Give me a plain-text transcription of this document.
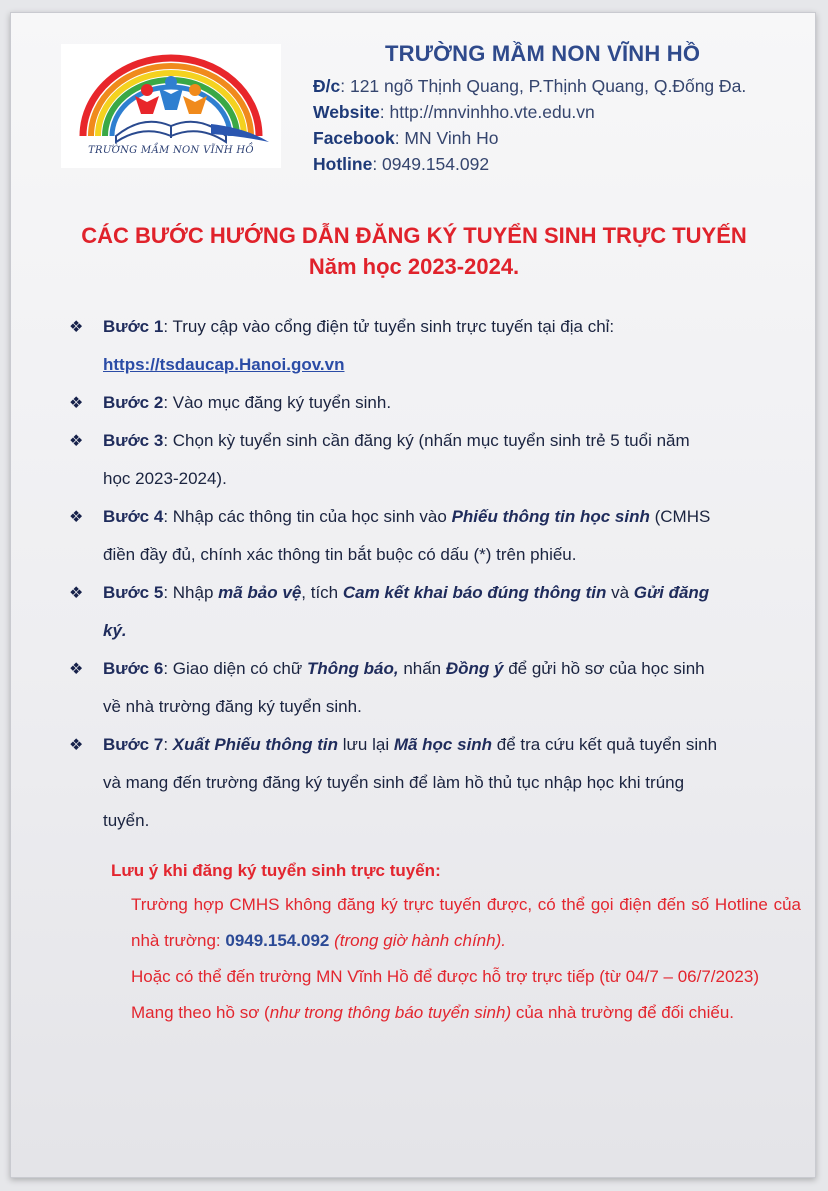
TRƯỜNG MẦM NON VĨNH HỒ
TRƯỜNG MẦM NON VĨNH HỒ
Đ/c: 121 ngõ Thịnh Quang, P.Thịnh Quang, Q.Đống Đa.
Website: http://mnvinhho.vte.edu.vn
Facebook: MN Vinh Ho
Hotline: 0949.154.092
CÁC BƯỚC HƯỚNG DẪN ĐĂNG KÝ TUYỂN SINH TRỰC TUYẾN
Năm học 2023-2024.
❖ Bước 1: Truy cập vào cổng điện tử tuyển sinh trực tuyến tại địa chỉ:
https://tsdaucap.Hanoi.gov.vn
❖ Bước 2: Vào mục đăng ký tuyển sinh.
❖ Bước 3: Chọn kỳ tuyển sinh cần đăng ký (nhấn mục tuyển sinh trẻ 5 tuổi năm
học 2023-2024).
❖ Bước 4: Nhập các thông tin của học sinh vào Phiếu thông tin học sinh (CMHS
điền đầy đủ, chính xác thông tin bắt buộc có dấu (*) trên phiếu.
❖ Bước 5: Nhập mã bảo vệ, tích Cam kết khai báo đúng thông tin và Gửi đăng
ký.
❖ Bước 6: Giao diện có chữ Thông báo, nhấn Đồng ý để gửi hồ sơ của học sinh
về nhà trường đăng ký tuyển sinh.
❖ Bước 7: Xuất Phiếu thông tin lưu lại Mã học sinh để tra cứu kết quả tuyển sinh
và mang đến trường đăng ký tuyển sinh để làm hồ thủ tục nhập học khi trúng
tuyển.
Lưu ý khi đăng ký tuyển sinh trực tuyến:
Trường hợp CMHS không đăng ký trực tuyến được, có thể gọi điện đến số Hotline của nhà trường: 0949.154.092 (trong giờ hành chính).
Hoặc có thể đến trường MN Vĩnh Hồ để được hỗ trợ trực tiếp (từ 04/7 – 06/7/2023)
Mang theo hồ sơ (như trong thông báo tuyển sinh) của nhà trường để đối chiếu.
